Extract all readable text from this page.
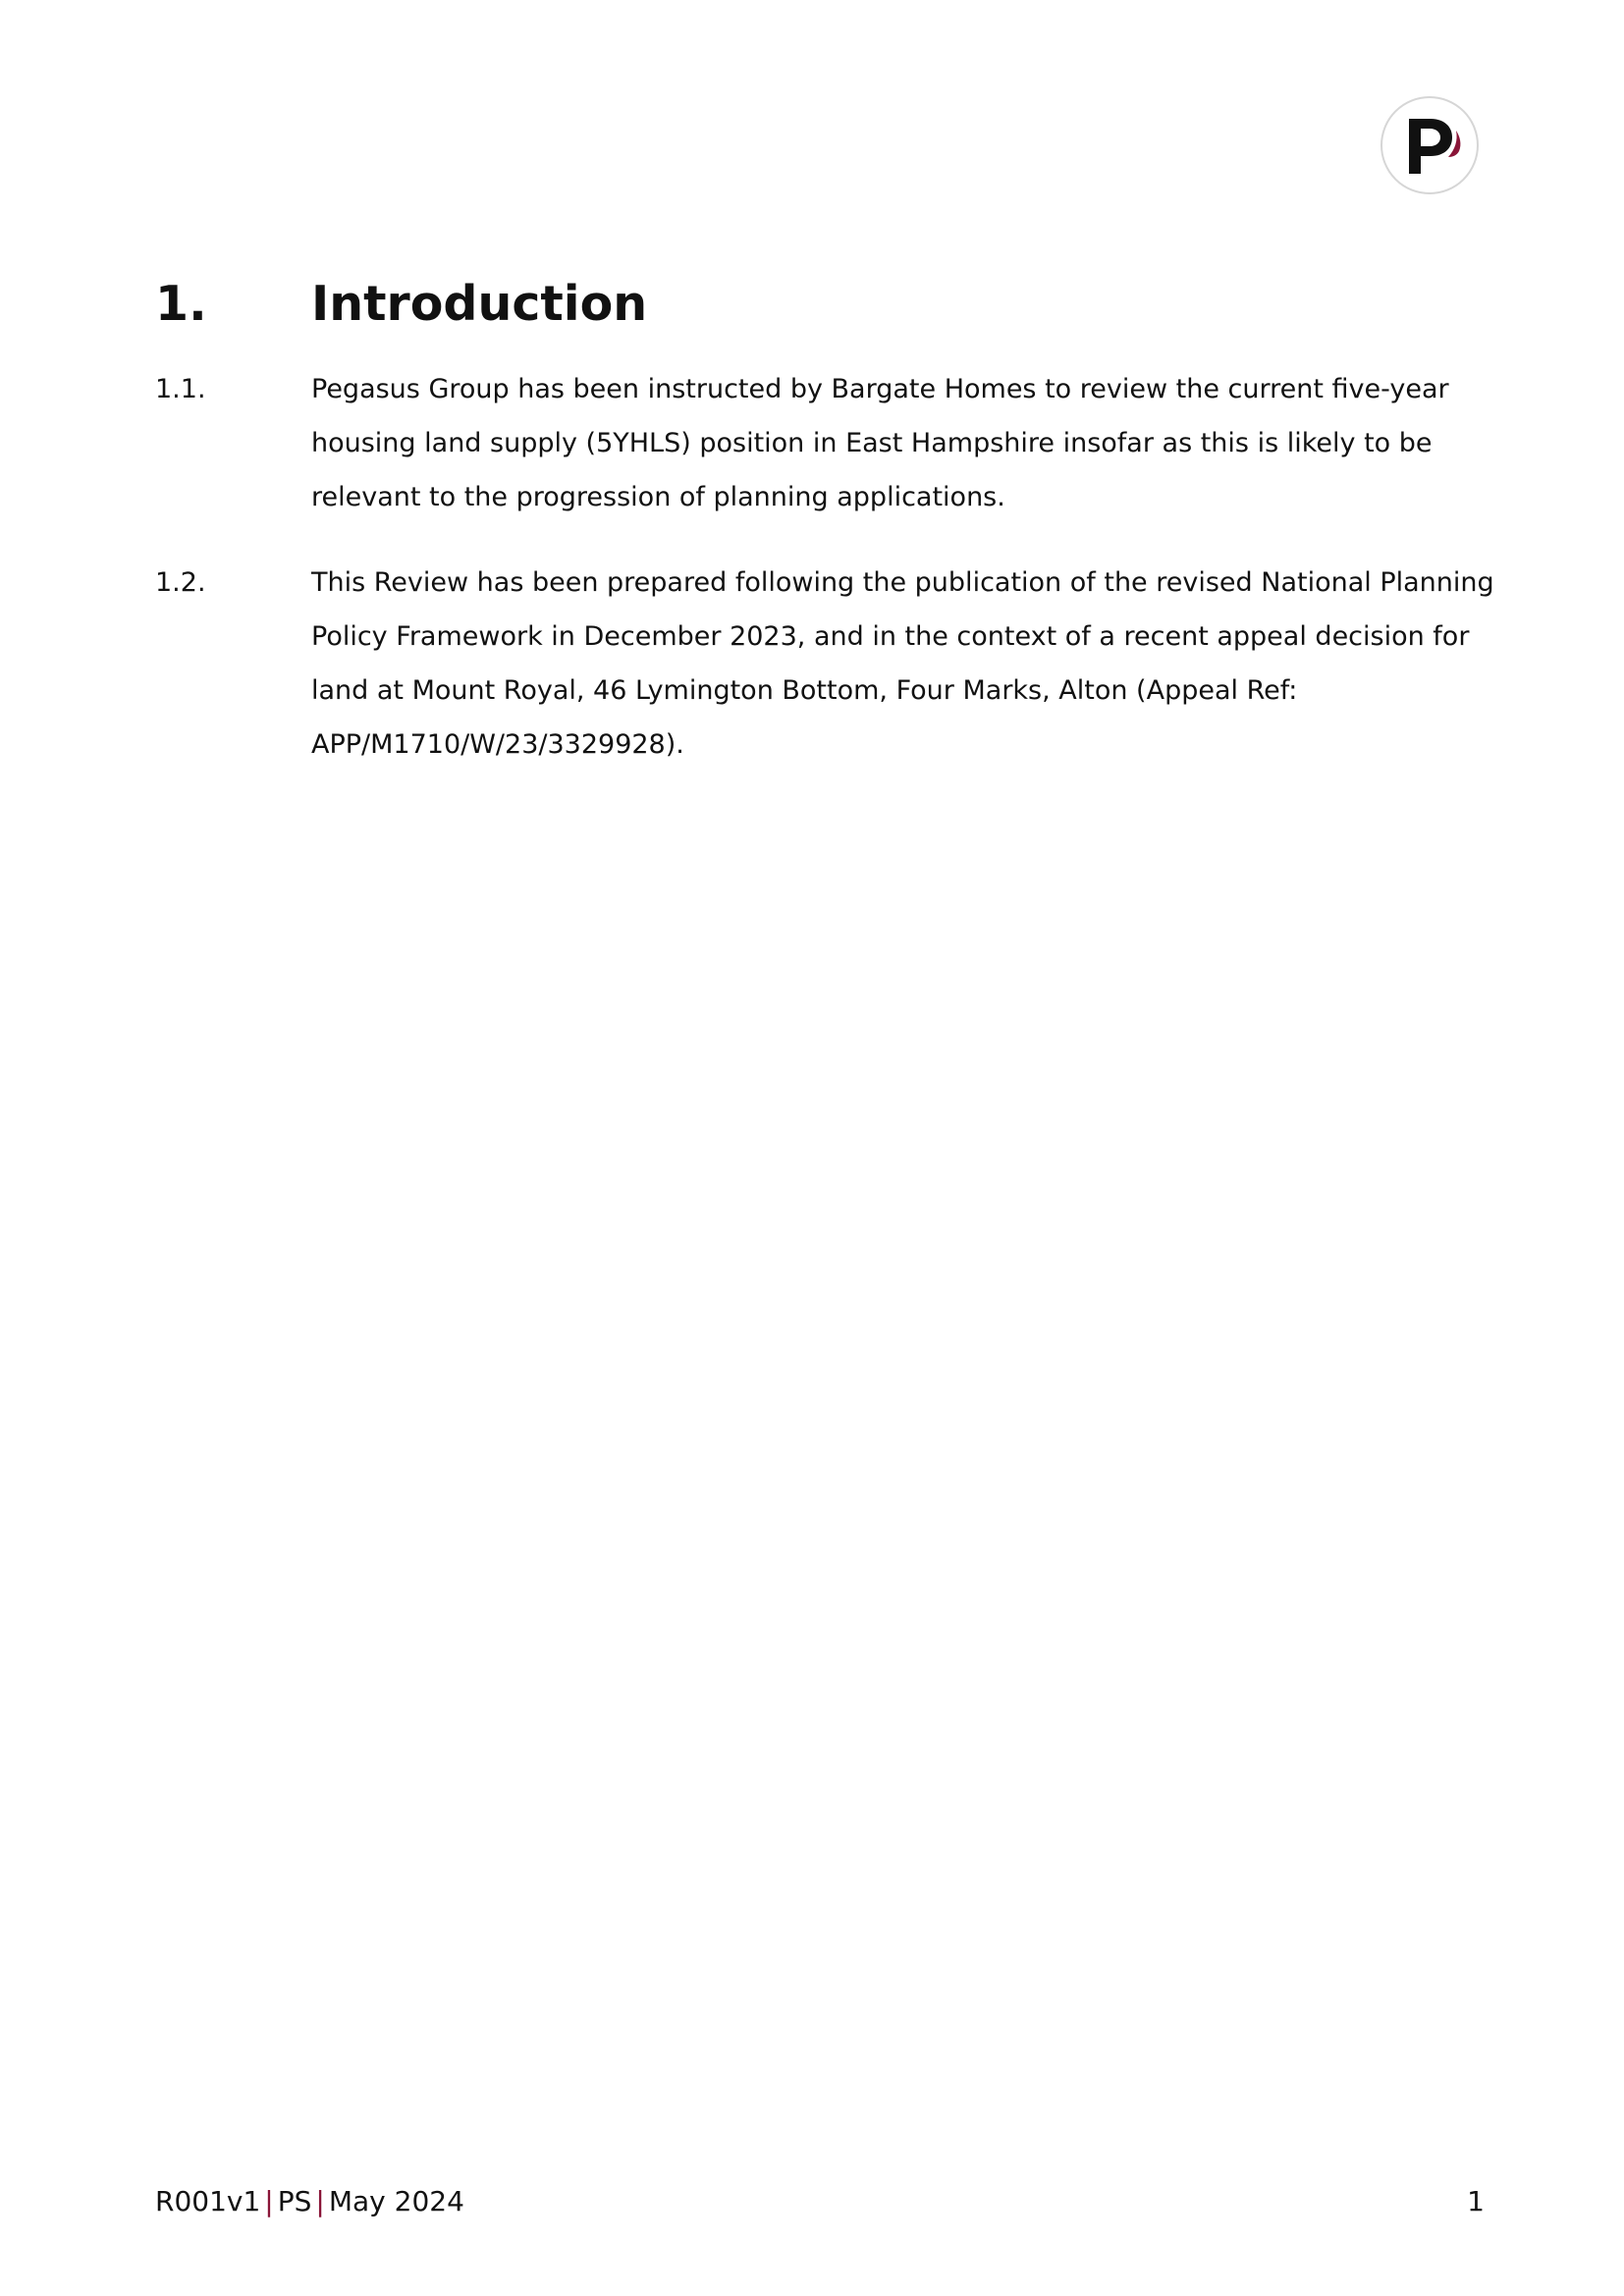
1. Introduction
1.1.	Pegasus Group has been instructed by Bargate Homes to review the current five-year
housing land supply (5YHLS) position in East Hampshire insofar as this is likely to be
relevant to the progression of planning applications.

1.2.	This Review has been prepared following the publication of the revised National Planning
Policy Framework in December 2023, and in the context of a recent appeal decision for
land at Mount Royal, 46 Lymington Bottom, Four Marks, Alton (Appeal Ref:
APP/M1710/W/23/3329928).

R001v1 | PS | May 2024	1
